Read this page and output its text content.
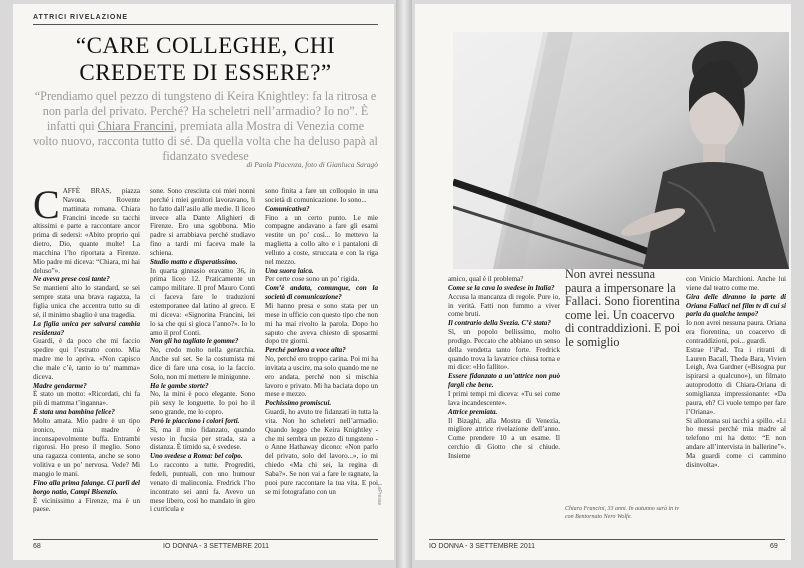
ATTRICI RIVELAZIONE
“CARE COLLEGHE, CHI CREDETE DI ESSERE?”
“Prendiamo quel pezzo di tungsteno di Keira Knightley: fa la ritrosa e non parla del privato. Perché? Ha scheletri nell’armadio? Io no”. È infatti qui Chiara Francini, premiata alla Mostra di Venezia come volto nuovo, racconta tutto di sé. Da quella volta che ha deluso papà al fidanzato svedese
di Paola Piacenza, foto di Gianluca Saragò
C AFFÈ BRAS, piazza Navona. Rovente mattinata romana. Chiara Francini incede su tacchi altissimi e parte a raccontare ancor prima di sedersi: «Abito proprio qui dietro, Dio, quante multe! La macchina l’ho riportata a Firenze. Mio padre mi diceva: “Chiara, mi hai deluso”».

Ne aveva prese così tante?

Se mantieni alto lo standard, se sei sempre stata una brava ragazza, la figlia unica che accentra tutto su di sé, il minimo sbaglio è una tragedia.

La figlia unica per salvarsi cambia residenza?

Guardi, è da poco che mi faccio spedire qui l’estratto conto. Mia madre me lo apriva. «Non capisco che male c’è, tanto io tu’ mamma» diceva.

Madre gendarme?

È stato un motto: «Ricordati, chi fa più di mamma t’inganna».

È stata una bambina felice?

Molto amata. Mio padre è un tipo ironico, mia madre è inconsapevolmente buffa. Entrambi rigorosi. Ho preso il meglio. Sono una ragazza contenta, anche se sono volitiva e un po’ nervosa. Vede? Mi mangio le mani.

Fino alla prima falange. Ci parli del borgo natio, Campi Bisenzio.

È vicinissimo a Firenze, ma è un paese.

sone. Sono cresciuta coi miei nonni perché i miei genitori lavoravano, li ho fatto dall’asilo alle medie. Il liceo invece alla Dante Alighieri di Firenze. Ero una sgobbona. Mio padre si arrabbiava perché studiavo fino a tardi mi faceva male la schiena.

Studio matto e disperatissimo.

In quarta ginnasio eravamo 36, in prima liceo 12. Praticamente un campo militare. Il prof Mauro Conti ci faceva fare le traduzioni estemporanee dal latino al greco. E mi diceva: «Signorina Francini, lei lo sa che qui si gioca l’anno?». Io lo amo il prof Conti.

Non gli ha tagliato le gomme?

No, credo molto nella gerarchia. Anche sul set. Se la costumista mi dice di fare una cosa, io la faccio. Solo, non mi mettere le minigonne.

Ha le gambe storte?

No, la mini è poco elegante. Sono più sexy le longuette. Io poi ho il seno grande, me lo copro.

Però le piacciono i colori forti.

Sì, ma il mio fidanzato, quando vesto in fucsia per strada, sta a distanza. È timido sa, è svedese.

Uno svedese a Roma: bel colpo.

Lo racconto a tutte. Progrediti, fedeli, puntuali, con uno humour venato di malinconia. Fredrick l’ho incontrato sei anni fa. Avevo un mese libero, così ho mandato in giro i curricula e

sono finita a fare un colloquio in una società di comunicazione. Io sono...

Comunicativa?

Fino a un certo punto. Le mie compagne andavano a fare gli esami vestite un po’ così... Io mettevo la maglietta a collo alto e i pantaloni di velluto a coste, struccata e con la riga nel mezzo.

Una suora laica.

Per certe cose sono un po’ rigida.

Com’è andata, comunque, con la società di comunicazione?

Mi hanno presa e sono stata per un mese in ufficio con questo tipo che non mi ha mai rivolto la parola. Dopo ho saputo che aveva chiesto di sposarmi dopo tre giorni.

Perché parlava a voce alta?

No, perché ero troppo carina. Poi mi ha invitata a uscire, ma solo quando me ne ero andata, perché non si mischia lavoro e privato. Mi ha baciata dopo un mese e mezzo.

Pochissimo promiscui.

Guardi, ho avuto tre fidanzati in tutta la vita. Non ho scheletri nell’armadio. Quando leggo che Keira Knightley - che mi sembra un pezzo di tungsteno - o Anne Hathaway dicono: «Non parlo del privato, solo del lavoro...», io mi chiedo «Ma chi sei, la regina di Saba?». Se non vai a fare le ragnate, la puoi pure raccontare la tua vita. E poi se mi fotografano con un	LaPresse
68	IO DONNA - 3 SETTEMBRE 2011

amico, qual è il problema?

Come se la cava lo svedese in Italia?

Accusa la mancanza di regole. Pure io, in verità. Fatti non fummo a viver come bruti.

Il contrario della Svezia. C’è stata?

Sì, un popolo bellissimo, molto prodigo. Peccato che abbiano un senso della vendetta tanto forte. Fredrick quando trova la lavatrice chiusa torna e mi dice: «Ho fallito».

Essere fidanzato a un’attrice non può farglì che bene.

I primi tempi mi diceva: «Tu sei come lava incandescente».

Attrice premiata.

Il Bizaghi, alla Mostra di Venezia, migliore attrice rivelazione dell’anno. Come prendere 10 a un esame. Il cerchio di Giotto che si chiude. Insieme

Non avrei nessuna paura a impersonare la Fallaci. Sono fiorentina come lei. Un coacervo di contraddizioni. E poi le somiglio
Chiara Francini, 33 anni. In autunno sarà in tv con Bentornato Nero Wolfe.

con Vinicio Marchioni. Anche lui viene dal teatro come me.

Gira delle diranno la parte di Oriana Fallaci nel film tv di cui si parla da qualche tempo?

Io non avrei nessuna paura. Oriana era fiorentina, un coacervo di contraddizioni, poi... guardi.

Estrae l’iPad. Tra i ritratti di Lauren Bacall, Theda Bara, Vivien Leigh, Ava Gardner («Bisogna pur ispirarsi a qualcuno»), un filmato autoprodotto di Chiara-Oriana di somiglianza impressionante: «Da paura, eh? Ci vuole tempo per fare l’Oriana».

Si allontana sui tacchi a spillo. «Li ho messi perché mia madre al telefono mi ha detto: “E non andare all’intervista in ballerine”». Ma guardi come ci cammino disinvolta».

IO DONNA - 3 SETTEMBRE 2011	69
